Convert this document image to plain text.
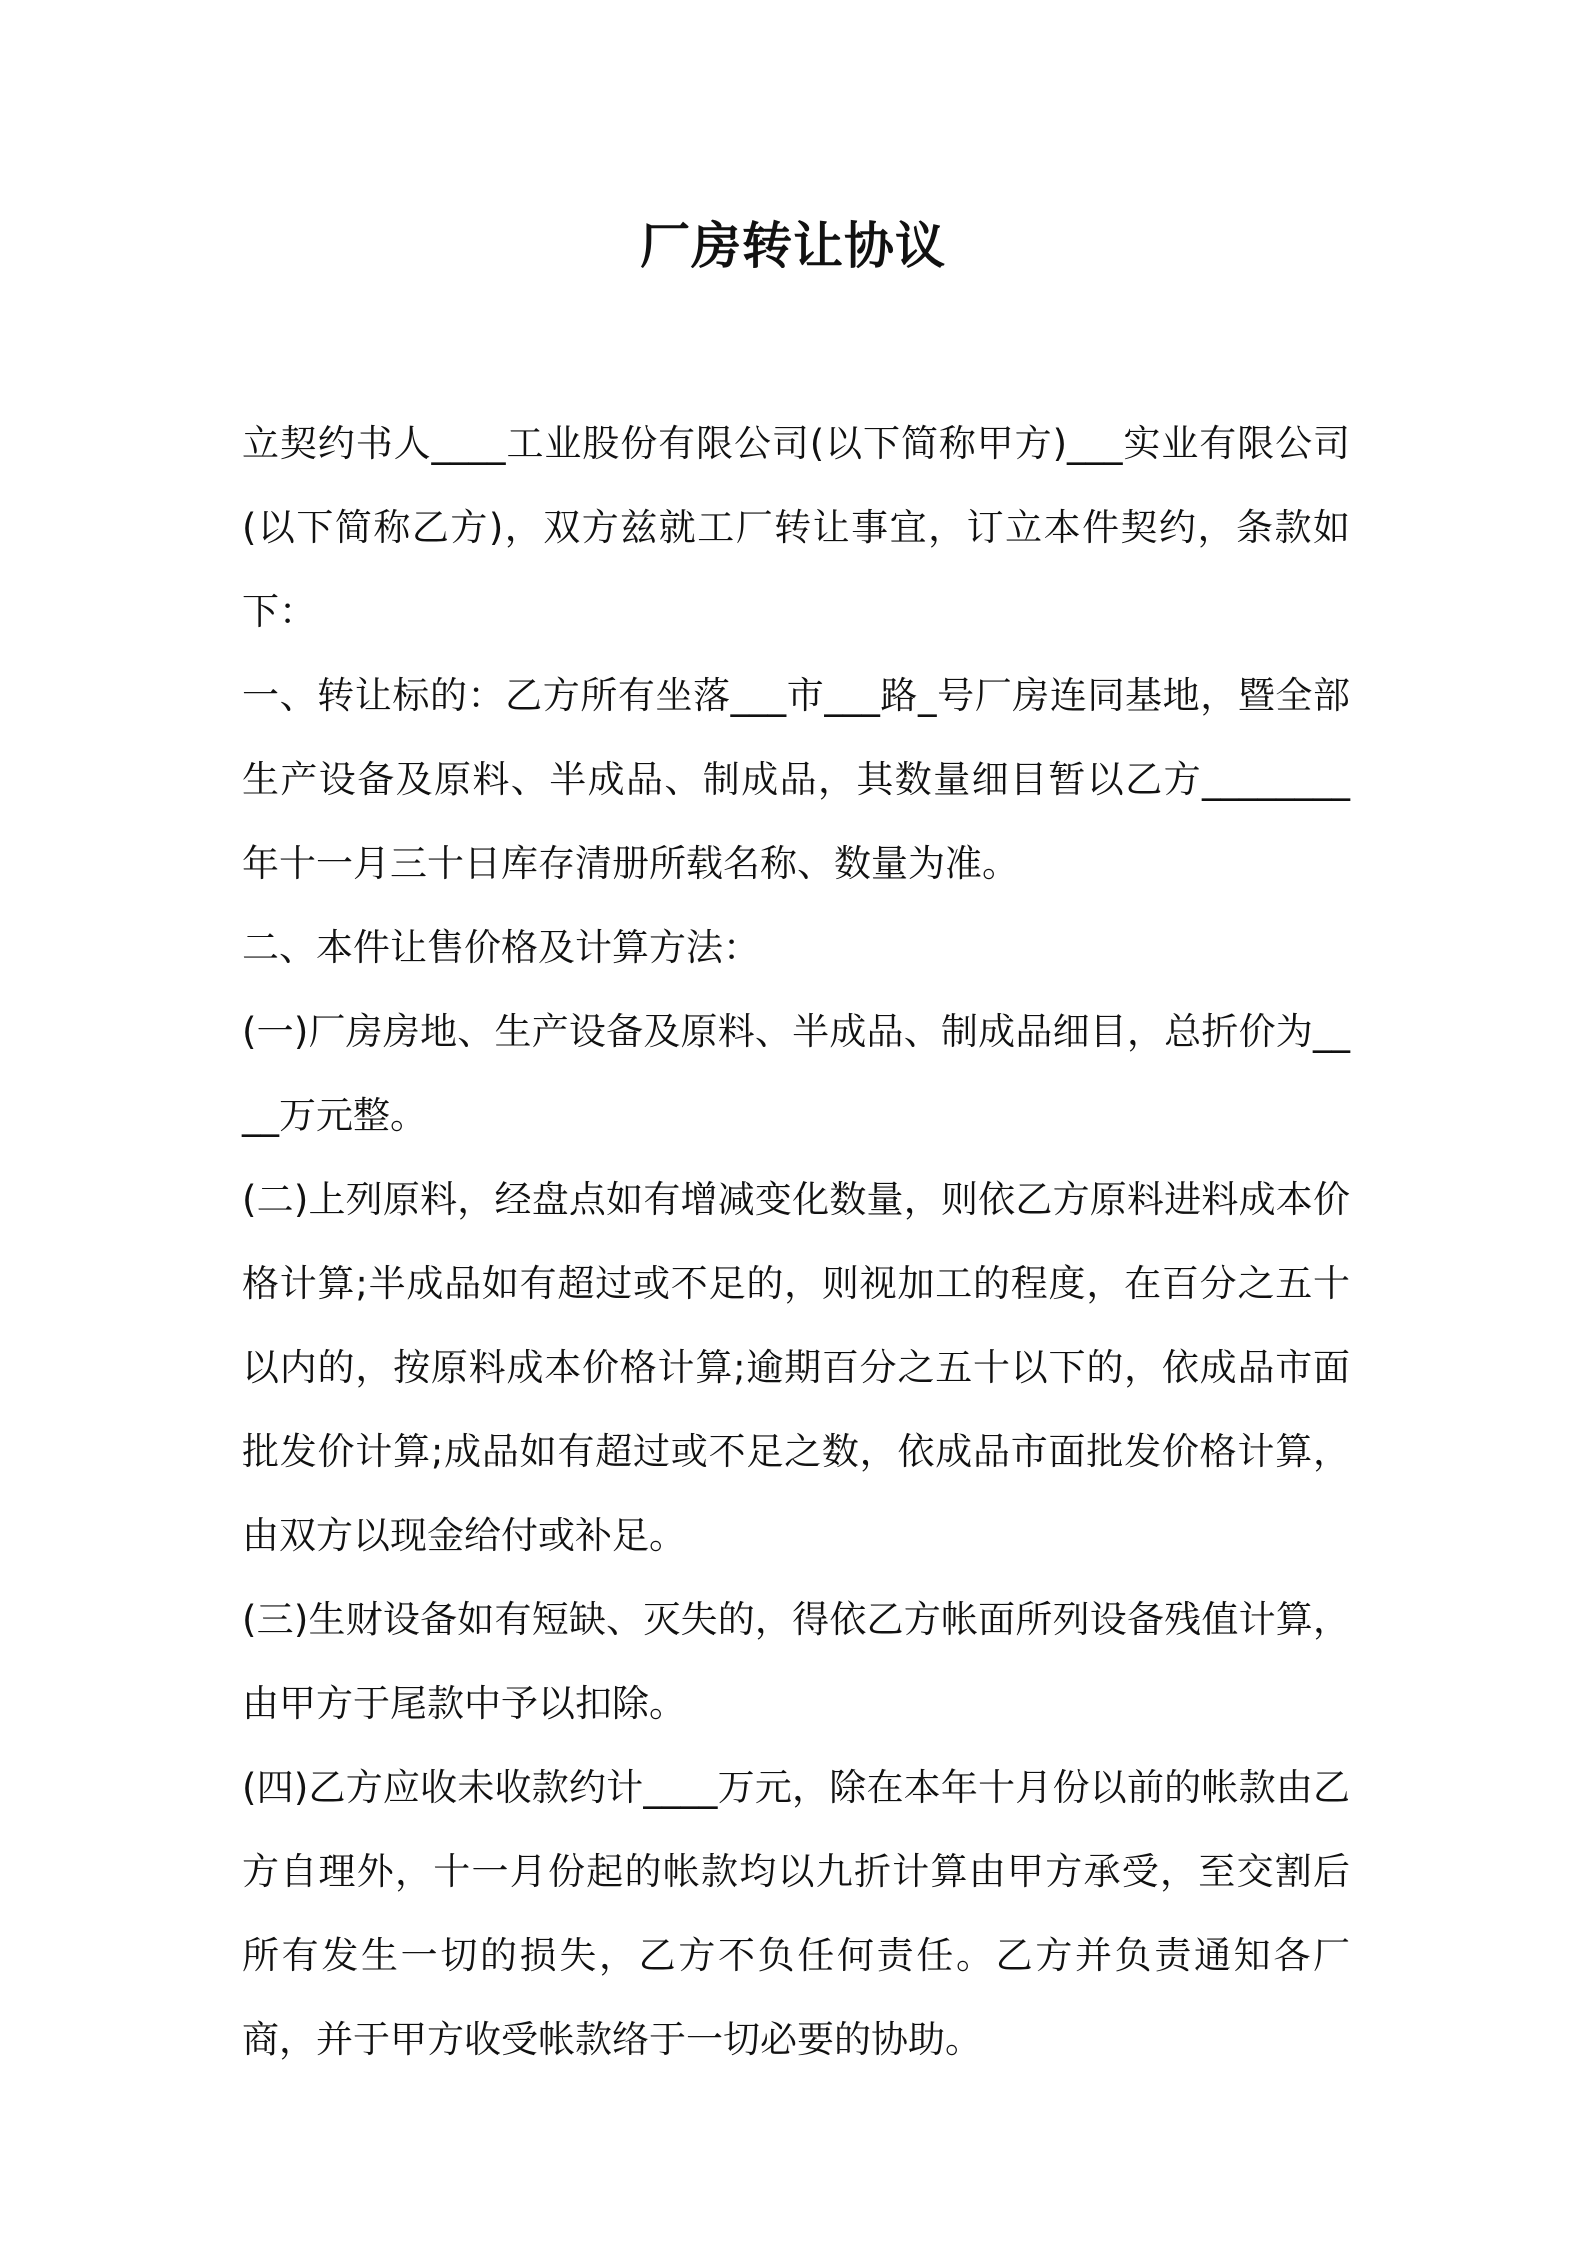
厂房转让协议

立契约书人____工业股份有限公司(以下简称甲方)___实业有限公司(以下简称乙方)，双方兹就工厂转让事宜，订立本件契约，条款如下：

一、转让标的：乙方所有坐落___市___路_号厂房连同基地，暨全部生产设备及原料、半成品、制成品，其数量细目暂以乙方________年十一月三十日库存清册所载名称、数量为准。

二、本件让售价格及计算方法：

(一)厂房房地、生产设备及原料、半成品、制成品细目，总折价为____万元整。

(二)上列原料，经盘点如有增减变化数量，则依乙方原料进料成本价格计算;半成品如有超过或不足的，则视加工的程度，在百分之五十以内的，按原料成本价格计算;逾期百分之五十以下的，依成品市面批发价计算;成品如有超过或不足之数，依成品市面批发价格计算，由双方以现金给付或补足。

(三)生财设备如有短缺、灭失的，得依乙方帐面所列设备残值计算，由甲方于尾款中予以扣除。

(四)乙方应收未收款约计____万元，除在本年十月份以前的帐款由乙方自理外，十一月份起的帐款均以九折计算由甲方承受，至交割后所有发生一切的损失，乙方不负任何责任。乙方并负责通知各厂商，并于甲方收受帐款络于一切必要的协助。
